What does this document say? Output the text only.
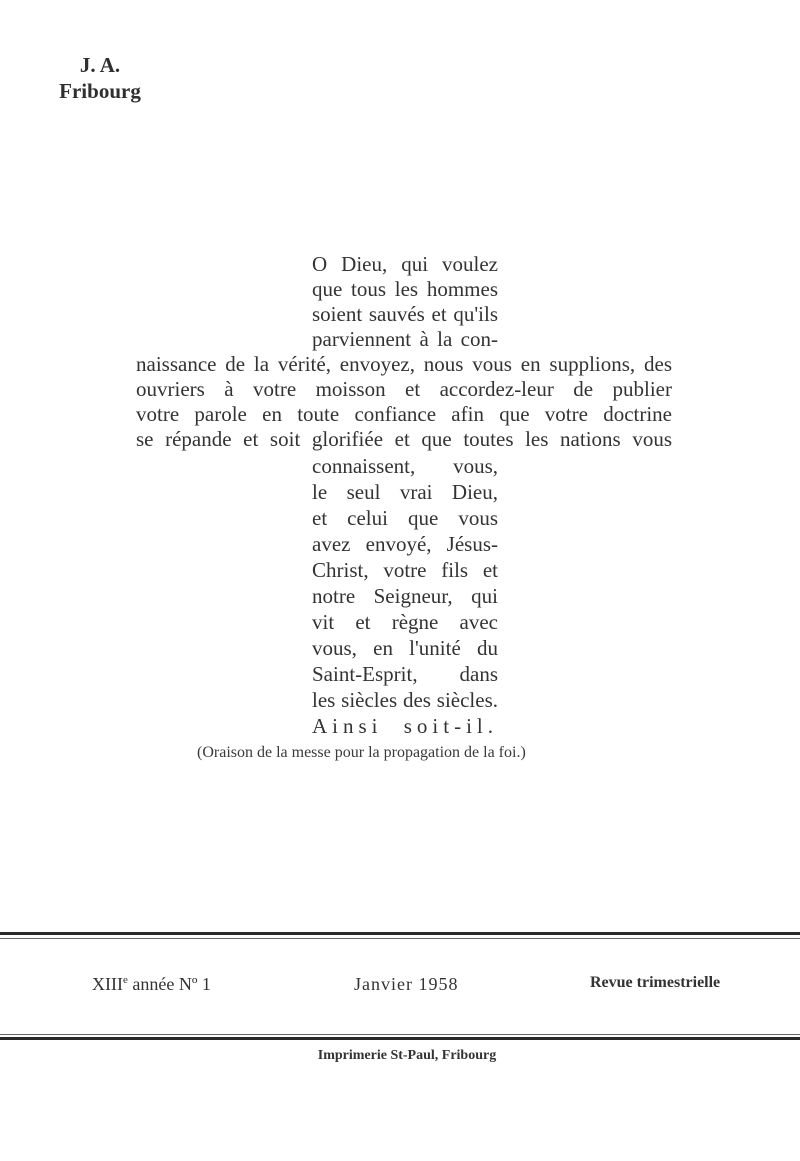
J. A.
Fribourg
O Dieu, qui voulez
que tous les hommes
soient sauvés et qu'ils
parviennent à la con-
naissance de la vérité, envoyez, nous vous en supplions, des
ouvriers à votre moisson et accordez-leur de publier
votre parole en toute confiance afin que votre doctrine
se répande et soit glorifiée et que toutes les nations vous
connaissent, vous,
le seul vrai Dieu,
et celui que vous
avez envoyé, Jésus-
Christ, votre fils et
notre Seigneur, qui
vit et règne avec
vous, en l'unité du
Saint-Esprit, dans
les siècles des siècles.
Ainsi soit-il.
(Oraison de la messe pour la propagation de la foi.)
XIIIe année Nº 1	Janvier 1958	Revue trimestrielle
Imprimerie St-Paul, Fribourg
